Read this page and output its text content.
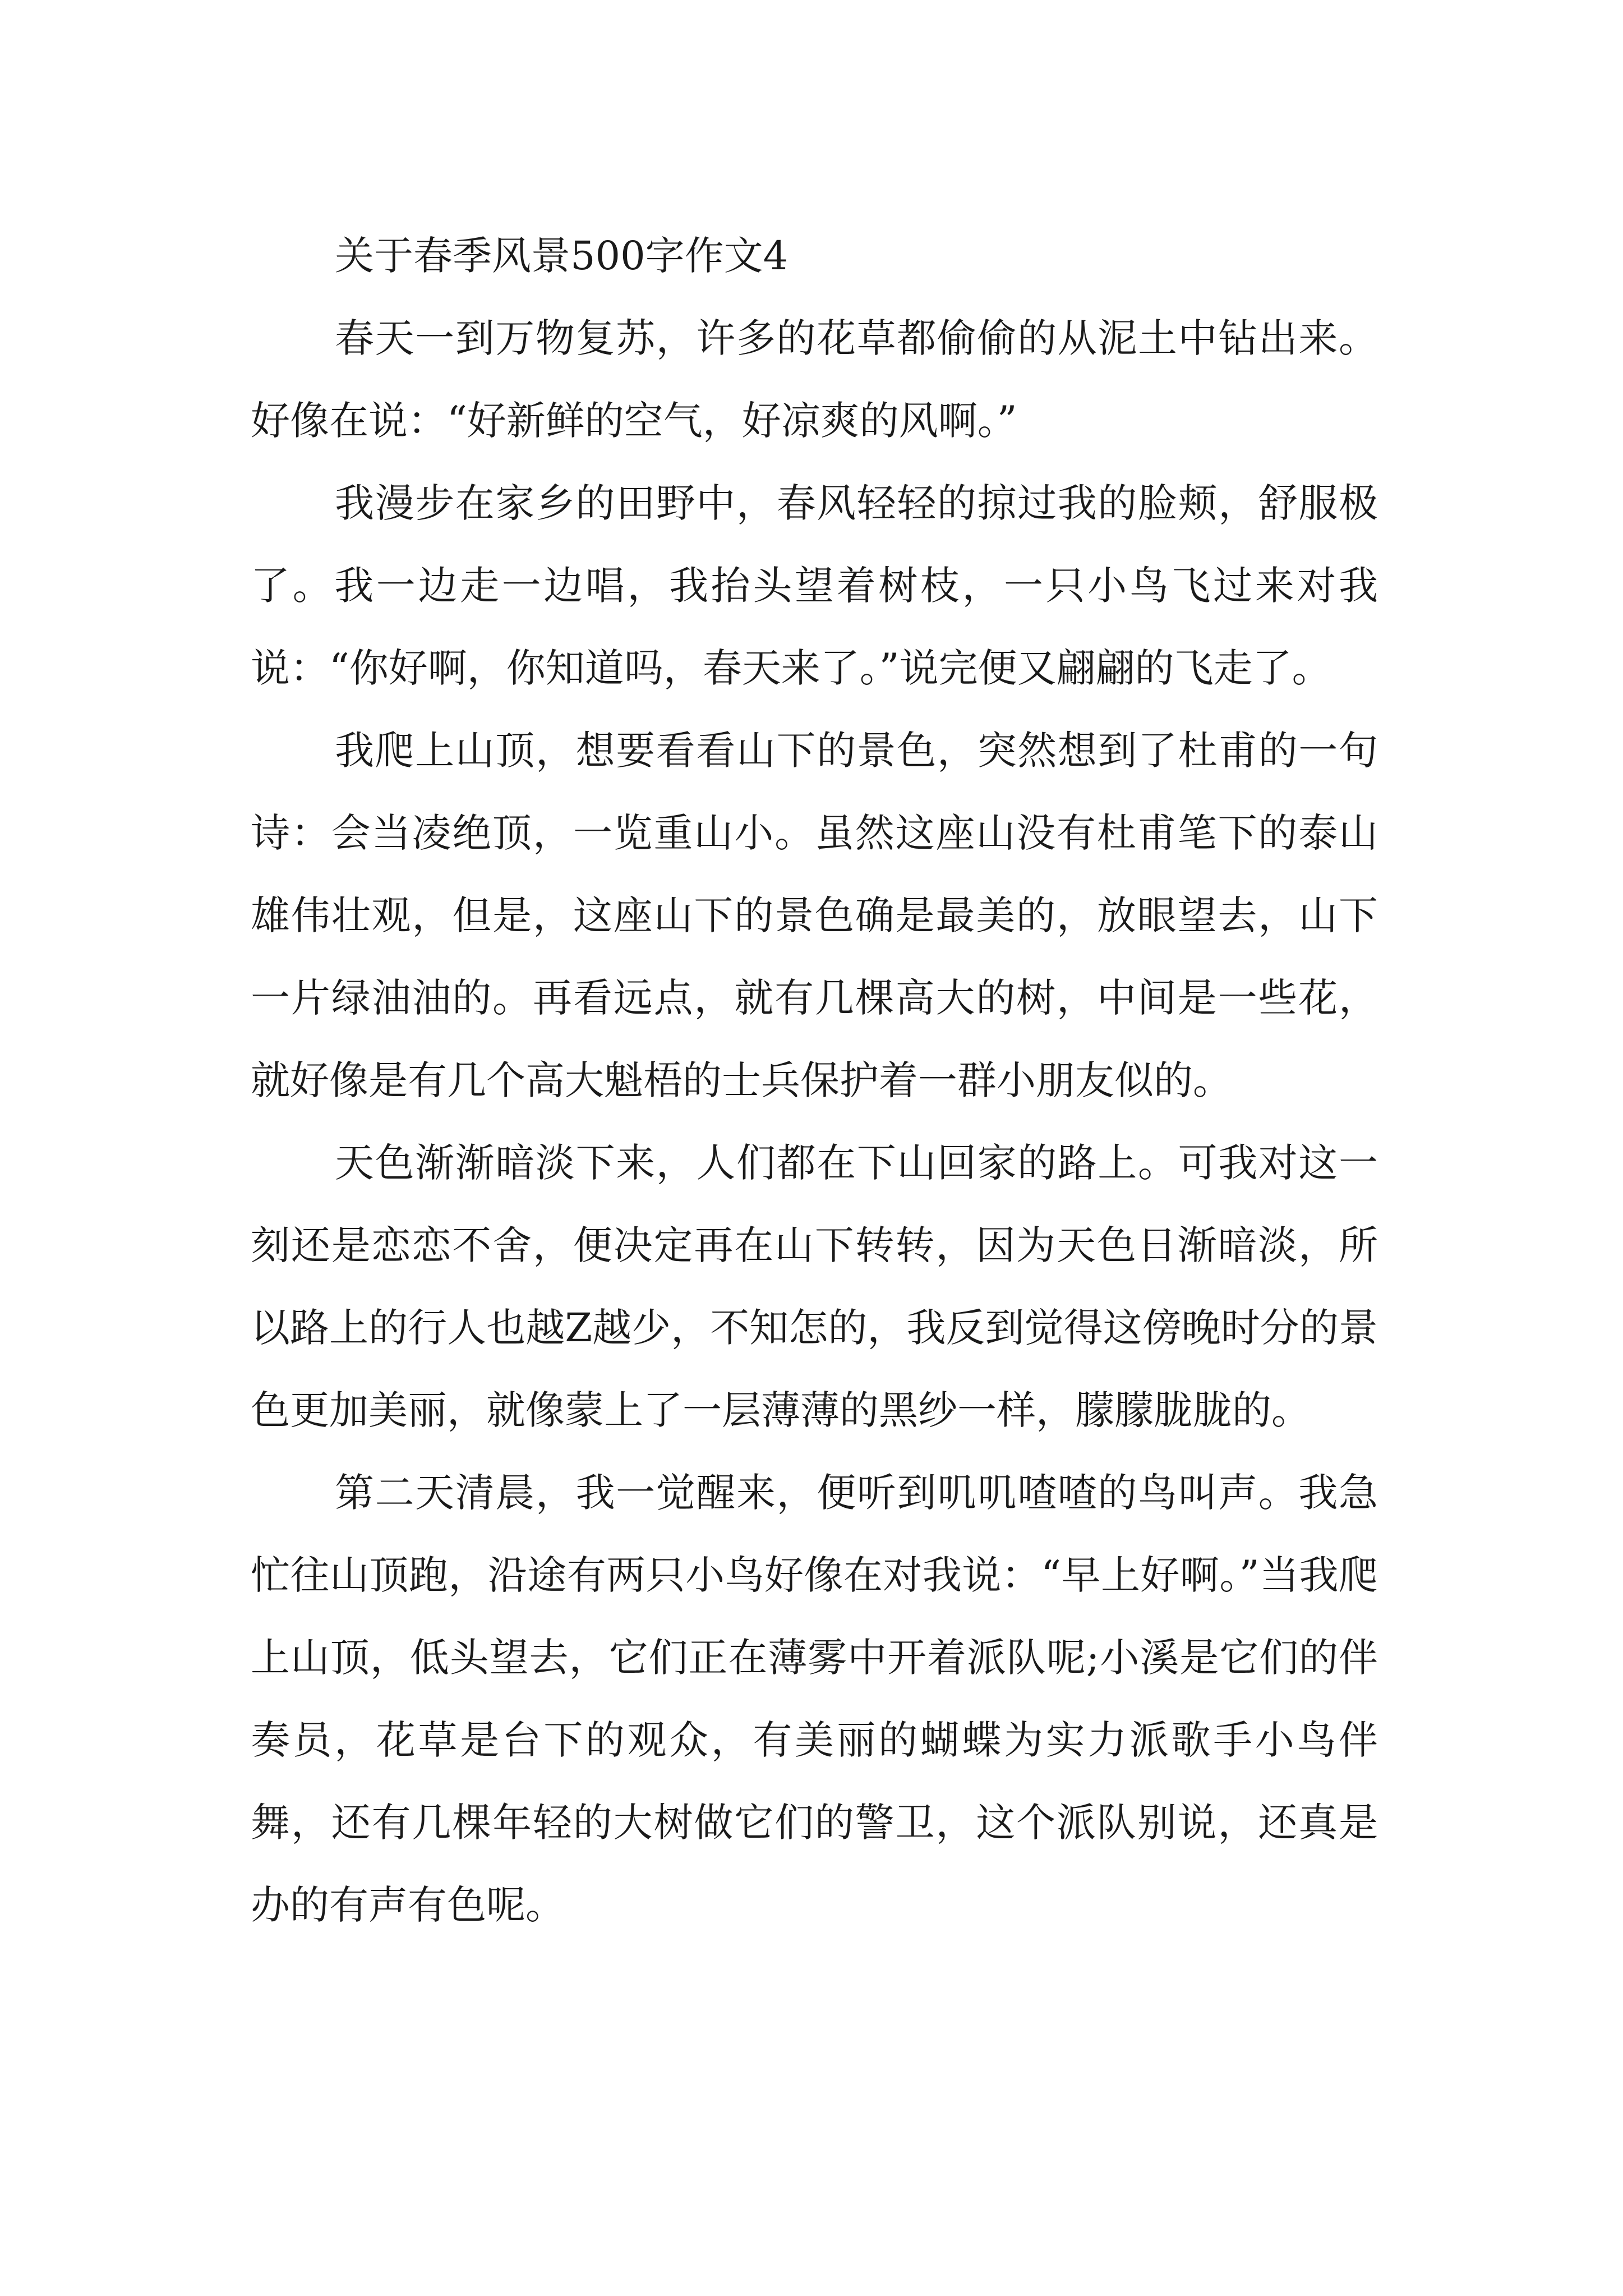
关于春季风景500字作文4

春天一到万物复苏，许多的花草都偷偷的从泥土中钻出来。好像在说：“好新鲜的空气，好凉爽的风啊。”

我漫步在家乡的田野中，春风轻轻的掠过我的脸颊，舒服极了。我一边走一边唱，我抬头望着树枝，一只小鸟飞过来对我说：“你好啊，你知道吗，春天来了。”说完便又翩翩的飞走了。

我爬上山顶，想要看看山下的景色，突然想到了杜甫的一句诗：会当凌绝顶，一览重山小。虽然这座山没有杜甫笔下的泰山雄伟壮观，但是，这座山下的景色确是最美的，放眼望去，山下一片绿油油的。再看远点，就有几棵高大的树，中间是一些花，就好像是有几个高大魁梧的士兵保护着一群小朋友似的。

天色渐渐暗淡下来，人们都在下山回家的路上。可我对这一刻还是恋恋不舍，便决定再在山下转转，因为天色日渐暗淡，所以路上的行人也越Z越少，不知怎的，我反到觉得这傍晚时分的景色更加美丽，就像蒙上了一层薄薄的黑纱一样，朦朦胧胧的。

第二天清晨，我一觉醒来，便听到叽叽喳喳的鸟叫声。我急忙往山顶跑，沿途有两只小鸟好像在对我说：“早上好啊。”当我爬上山顶，低头望去，它们正在薄雾中开着派队呢;小溪是它们的伴奏员，花草是台下的观众，有美丽的蝴蝶为实力派歌手小鸟伴舞，还有几棵年轻的大树做它们的警卫，这个派队别说，还真是办的有声有色呢。
